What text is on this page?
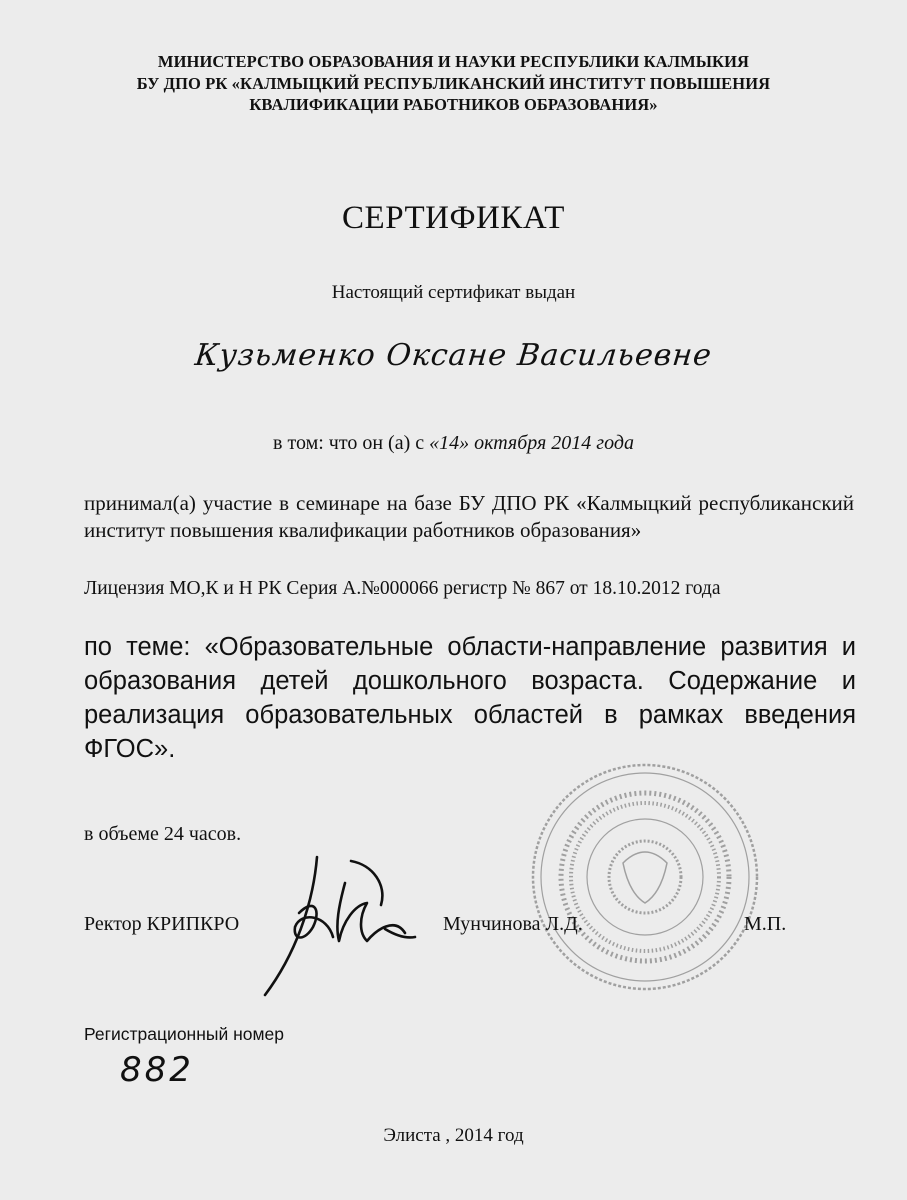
МИНИСТЕРСТВО ОБРАЗОВАНИЯ И НАУКИ РЕСПУБЛИКИ КАЛМЫКИЯ
БУ ДПО РК «КАЛМЫЦКИЙ РЕСПУБЛИКАНСКИЙ ИНСТИТУТ ПОВЫШЕНИЯ
КВАЛИФИКАЦИИ РАБОТНИКОВ ОБРАЗОВАНИЯ»
СЕРТИФИКАТ
Настоящий сертификат выдан
Кузьменко Оксане Васильевне
в том: что он (а) с «14» октября 2014 года
принимал(а) участие в семинаре на базе БУ ДПО РК «Калмыцкий республиканский институт повышения квалификации работников образования»
Лицензия МО,К и Н РК Серия А.№000066 регистр № 867 от 18.10.2012 года
по теме: «Образовательные области-направление развития и образования детей дошкольного возраста. Содержание и реализация образовательных областей в рамках введения ФГОС».
в объеме 24 часов.
Ректор КРИПКРО	Мунчинова Л.Д.	М.П.
Регистрационный номер
882
Элиста , 2014 год
